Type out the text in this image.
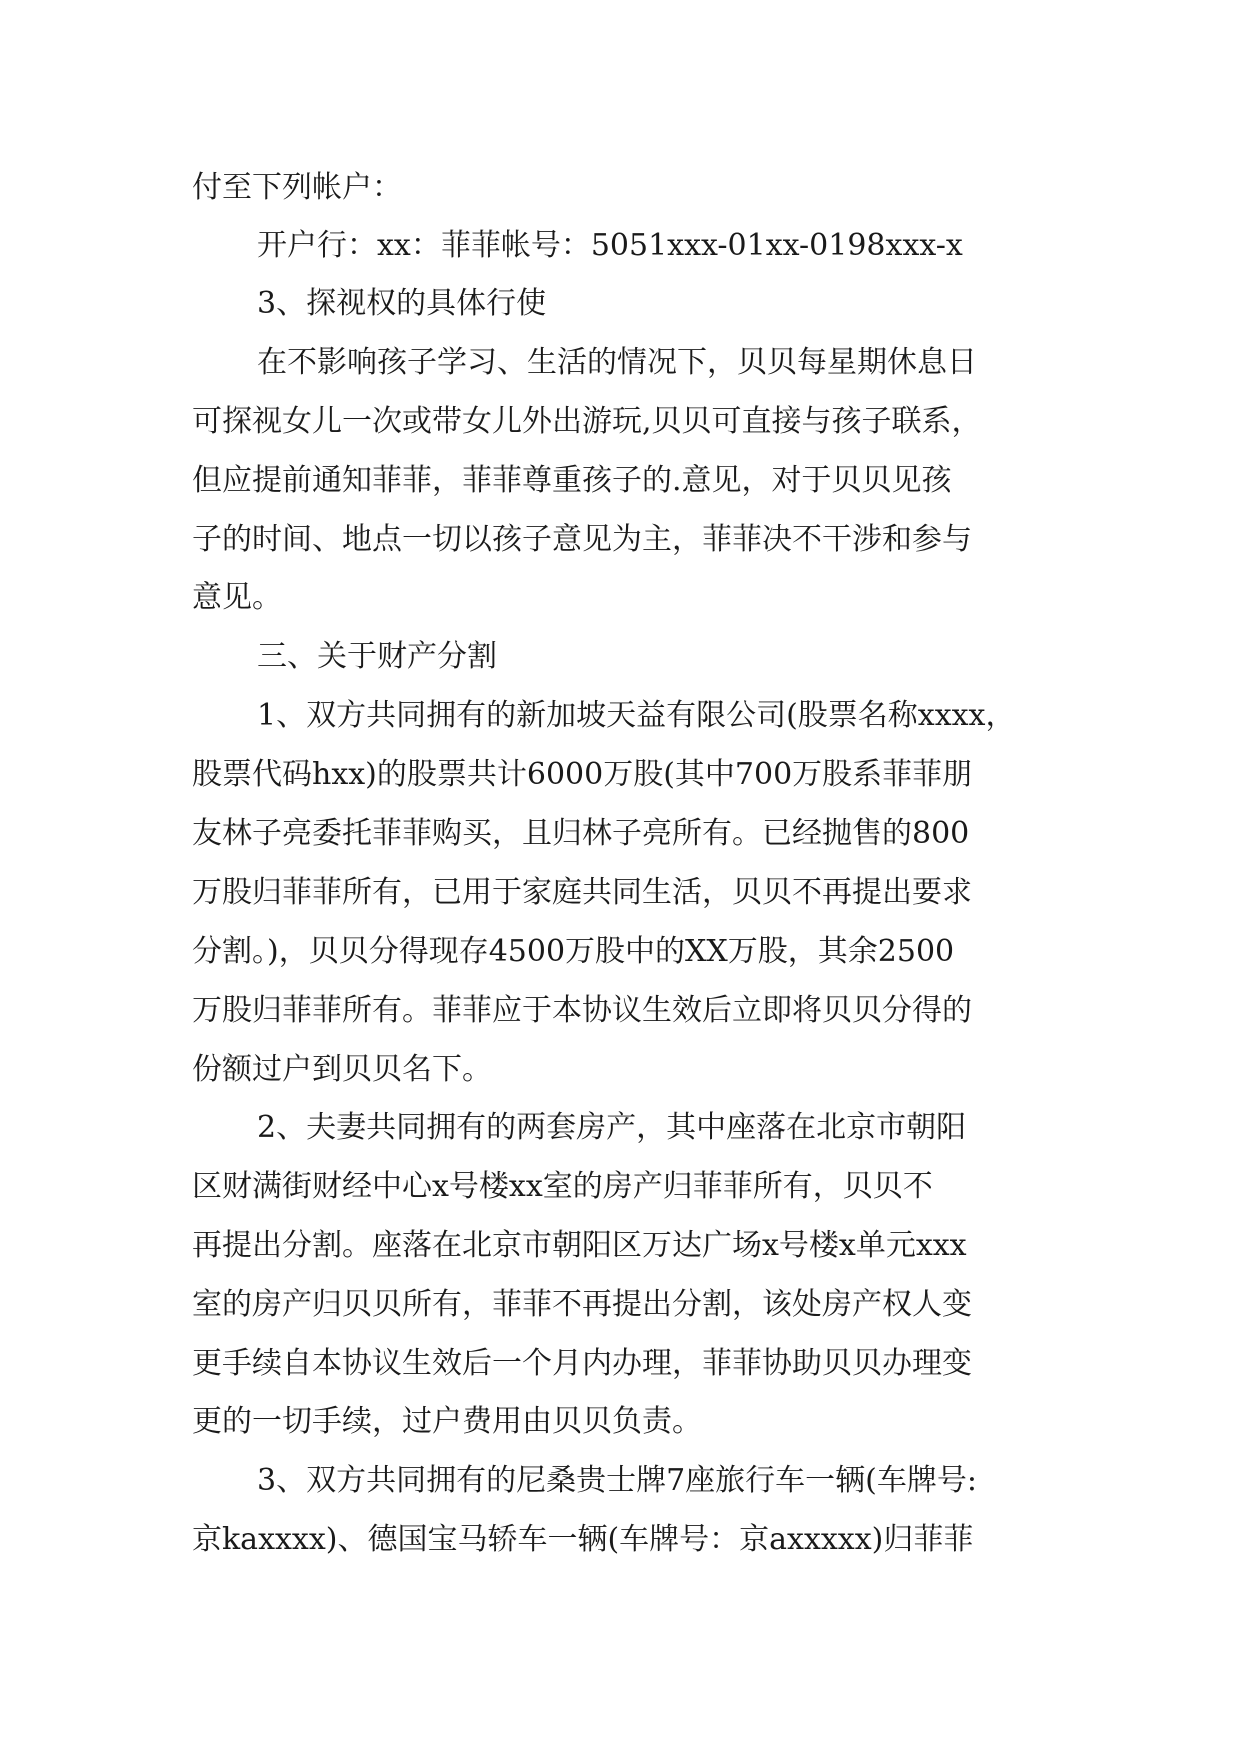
付至下列帐户：
开户行：xx：菲菲帐号：5051xxx-01xx-0198xxx-x
3、探视权的具体行使
在不影响孩子学习、生活的情况下，贝贝每星期休息日
可探视女儿一次或带女儿外出游玩,贝贝可直接与孩子联系，
但应提前通知菲菲，菲菲尊重孩子的.意见，对于贝贝见孩
子的时间、地点一切以孩子意见为主，菲菲决不干涉和参与
意见。
三、关于财产分割
1、双方共同拥有的新加坡天益有限公司(股票名称xxxx，
股票代码hxx)的股票共计6000万股(其中700万股系菲菲朋
友林子亮委托菲菲购买，且归林子亮所有。已经抛售的800
万股归菲菲所有，已用于家庭共同生活，贝贝不再提出要求
分割。)，贝贝分得现存4500万股中的XX万股，其余2500
万股归菲菲所有。菲菲应于本协议生效后立即将贝贝分得的
份额过户到贝贝名下。
2、夫妻共同拥有的两套房产，其中座落在北京市朝阳
区财满街财经中心x号楼xx室的房产归菲菲所有，贝贝不
再提出分割。座落在北京市朝阳区万达广场x号楼x单元xxx
室的房产归贝贝所有，菲菲不再提出分割，该处房产权人变
更手续自本协议生效后一个月内办理，菲菲协助贝贝办理变
更的一切手续，过户费用由贝贝负责。
3、双方共同拥有的尼桑贵士牌7座旅行车一辆(车牌号:
京kaxxxx)、德国宝马轿车一辆(车牌号：京axxxxx)归菲菲
